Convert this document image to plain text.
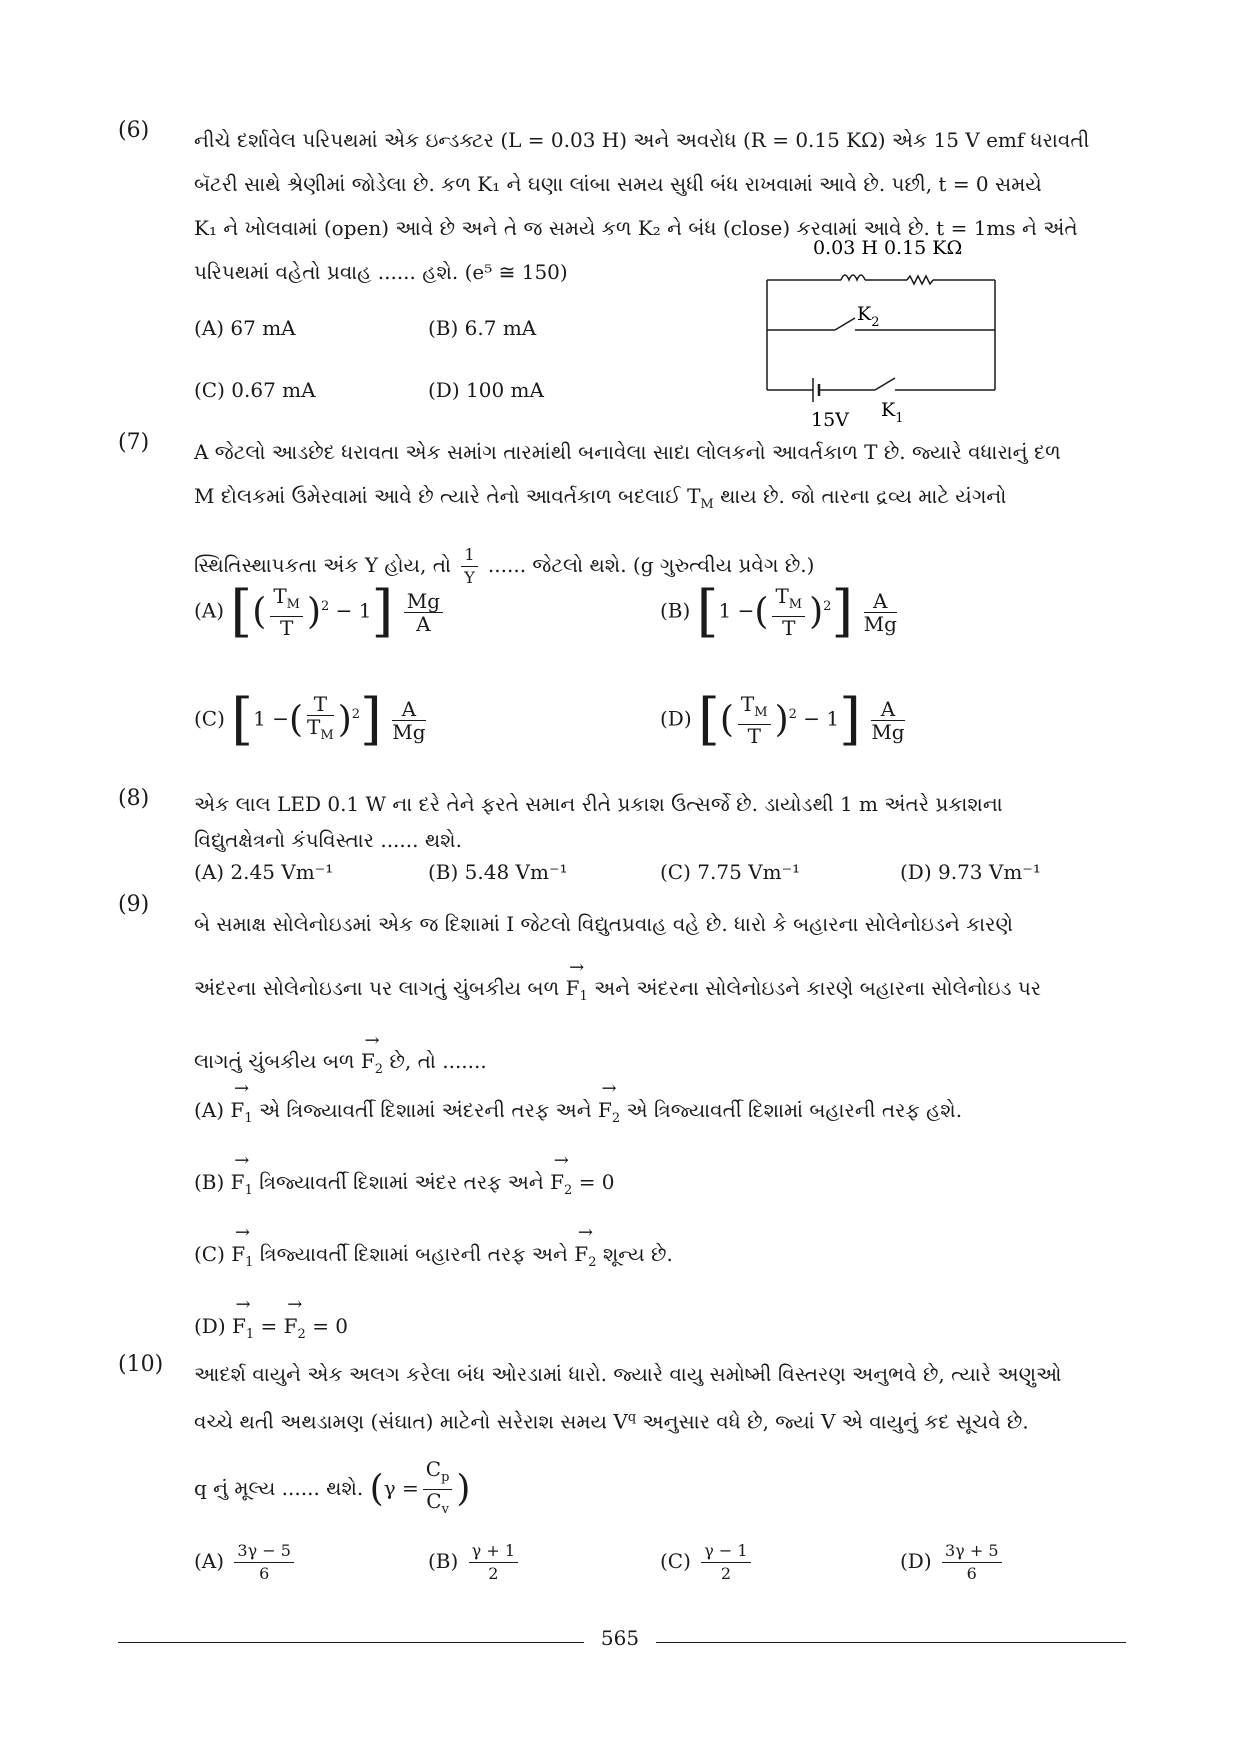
(6) નીચે દર્શાવેલ પરિપથમાં એક ઇન્ડક્ટર (L = 0.03 H) અને અવરોધ (R = 0.15 KΩ) એક 15 V emf ધરાવતી

બૅટરી સાથે શ્રેણીમાં જોડેલા છે. કળ K₁ ને ઘણા લાંબા સમય સુધી બંધ રાખવામાં આવે છે. પછી, t = 0 સમયે

K₁ ને ખોલવામાં (open) આવે છે અને તે જ સમયે કળ K₂ ને બંધ (close) કરવામાં આવે છે. t = 1ms ને અંતે

પરિપથમાં વહેતો પ્રવાહ ...... હશે. (e⁵ ≅ 150)

(A) 67 mA	(B) 6.7 mA
(C) 0.67 mA	(D) 100 mA
0.03 H 0.15 KΩ
$K_2$
15V $K_1$
(7) A જેટલો આડછેદ ધરાવતા એક સમાંગ તારમાંથી બનાવેલા સાદા લોલકનો આવર્તકાળ T છે. જ્યારે વધારાનું દળ

M દોલકમાં ઉમેરવામાં આવે છે ત્યારે તેનો આવર્તકાળ બદલાઈ $T_M$ થાય છે. જો તારના દ્રવ્ય માટે યંગનો

સ્થિતિસ્થાપકતા અંક Y હોય, તો $\frac{1}{Y}$ ...... જેટલો થશે. (g ગુરુત્વીય પ્રવેગ છે.)

(A) [( $\frac{T_M}{T} )^2 - 1] \frac{Mg}{A}$	(B) [1 −( $\frac{T_M}{T} )^2] \frac{A}{Mg}$
(C) [1 −( $\frac{T}{T_M} )^2] \frac{A}{Mg}$	(D) [( $\frac{T_M}{T} )^2 - 1] \frac{A}{Mg}$
(8) એક લાલ LED 0.1 W ના દરે તેને ફરતે સમાન રીતે પ્રકાશ ઉત્સર્જે છે. ડાયોડથી 1 m અંતરે પ્રકાશના

વિદ્યુતક્ષેત્રનો કંપવિસ્તાર ...... થશે.

(A) 2.45 Vm⁻¹	(B) 5.48 Vm⁻¹	(C) 7.75 Vm⁻¹	(D) 9.73 Vm⁻¹
(9)

બે સમાક્ષ સોલેનોઇડમાં એક જ દિશામાં I જેટલો વિદ્યુતપ્રવાહ વહે છે. ધારો કે બહારના સોલેનોઇડને કારણે

અંદરના સોલેનોઇડના પર લાગતું ચુંબકીય બળ → $F_1$ અને અંદરના સોલેનોઇડને કારણે બહારના સોલેનોઇડ પર

લાગતું ચુંબકીય બળ → $F_2$ છે, તો .......

$(A) \to F_1$ એ ત્રિજ્યાવર્તી દિશામાં અંદરની તરફ અને → $F_2$ એ ત્રિજ્યાવર્તી દિશામાં બહારની તરફ હશે.
$(B) \to F_1$ ત્રિજ્યાવર્તી દિશામાં અંદર તરફ અને → $F_2 = 0$
$(C) \to F_1$ ત્રિજ્યાવર્તી દિશામાં બહારની તરફ અને → $F_2$ શૂન્ય છે.
$(D) \to F_1$ = → $F_2 = 0$
(10) આદર્શ વાયુને એક અલગ કરેલા બંધ ઓરડામાં ધારો. જ્યારે વાયુ સમોષ્મી વિસ્તરણ અનુભવે છે, ત્યારે અણુઓ

વચ્ચે થતી અથડામણ (સંઘાત) માટેનો સરેરાશ સમય $V^q$ અનુસાર વધે છે, જ્યાં V એ વાયુનું કદ સૂચવે છે.

q નું મૂલ્ય ...... થશે. ($\gamma = \frac{C_p}{C_v}$ )

$(A) \frac{3\gamma - 5}{6}$	$(B) \frac{\gamma + 1}{2}$	$(C) \frac{\gamma - 1}{2}$	$(D) \frac{3\gamma + 5}{6}$
565
